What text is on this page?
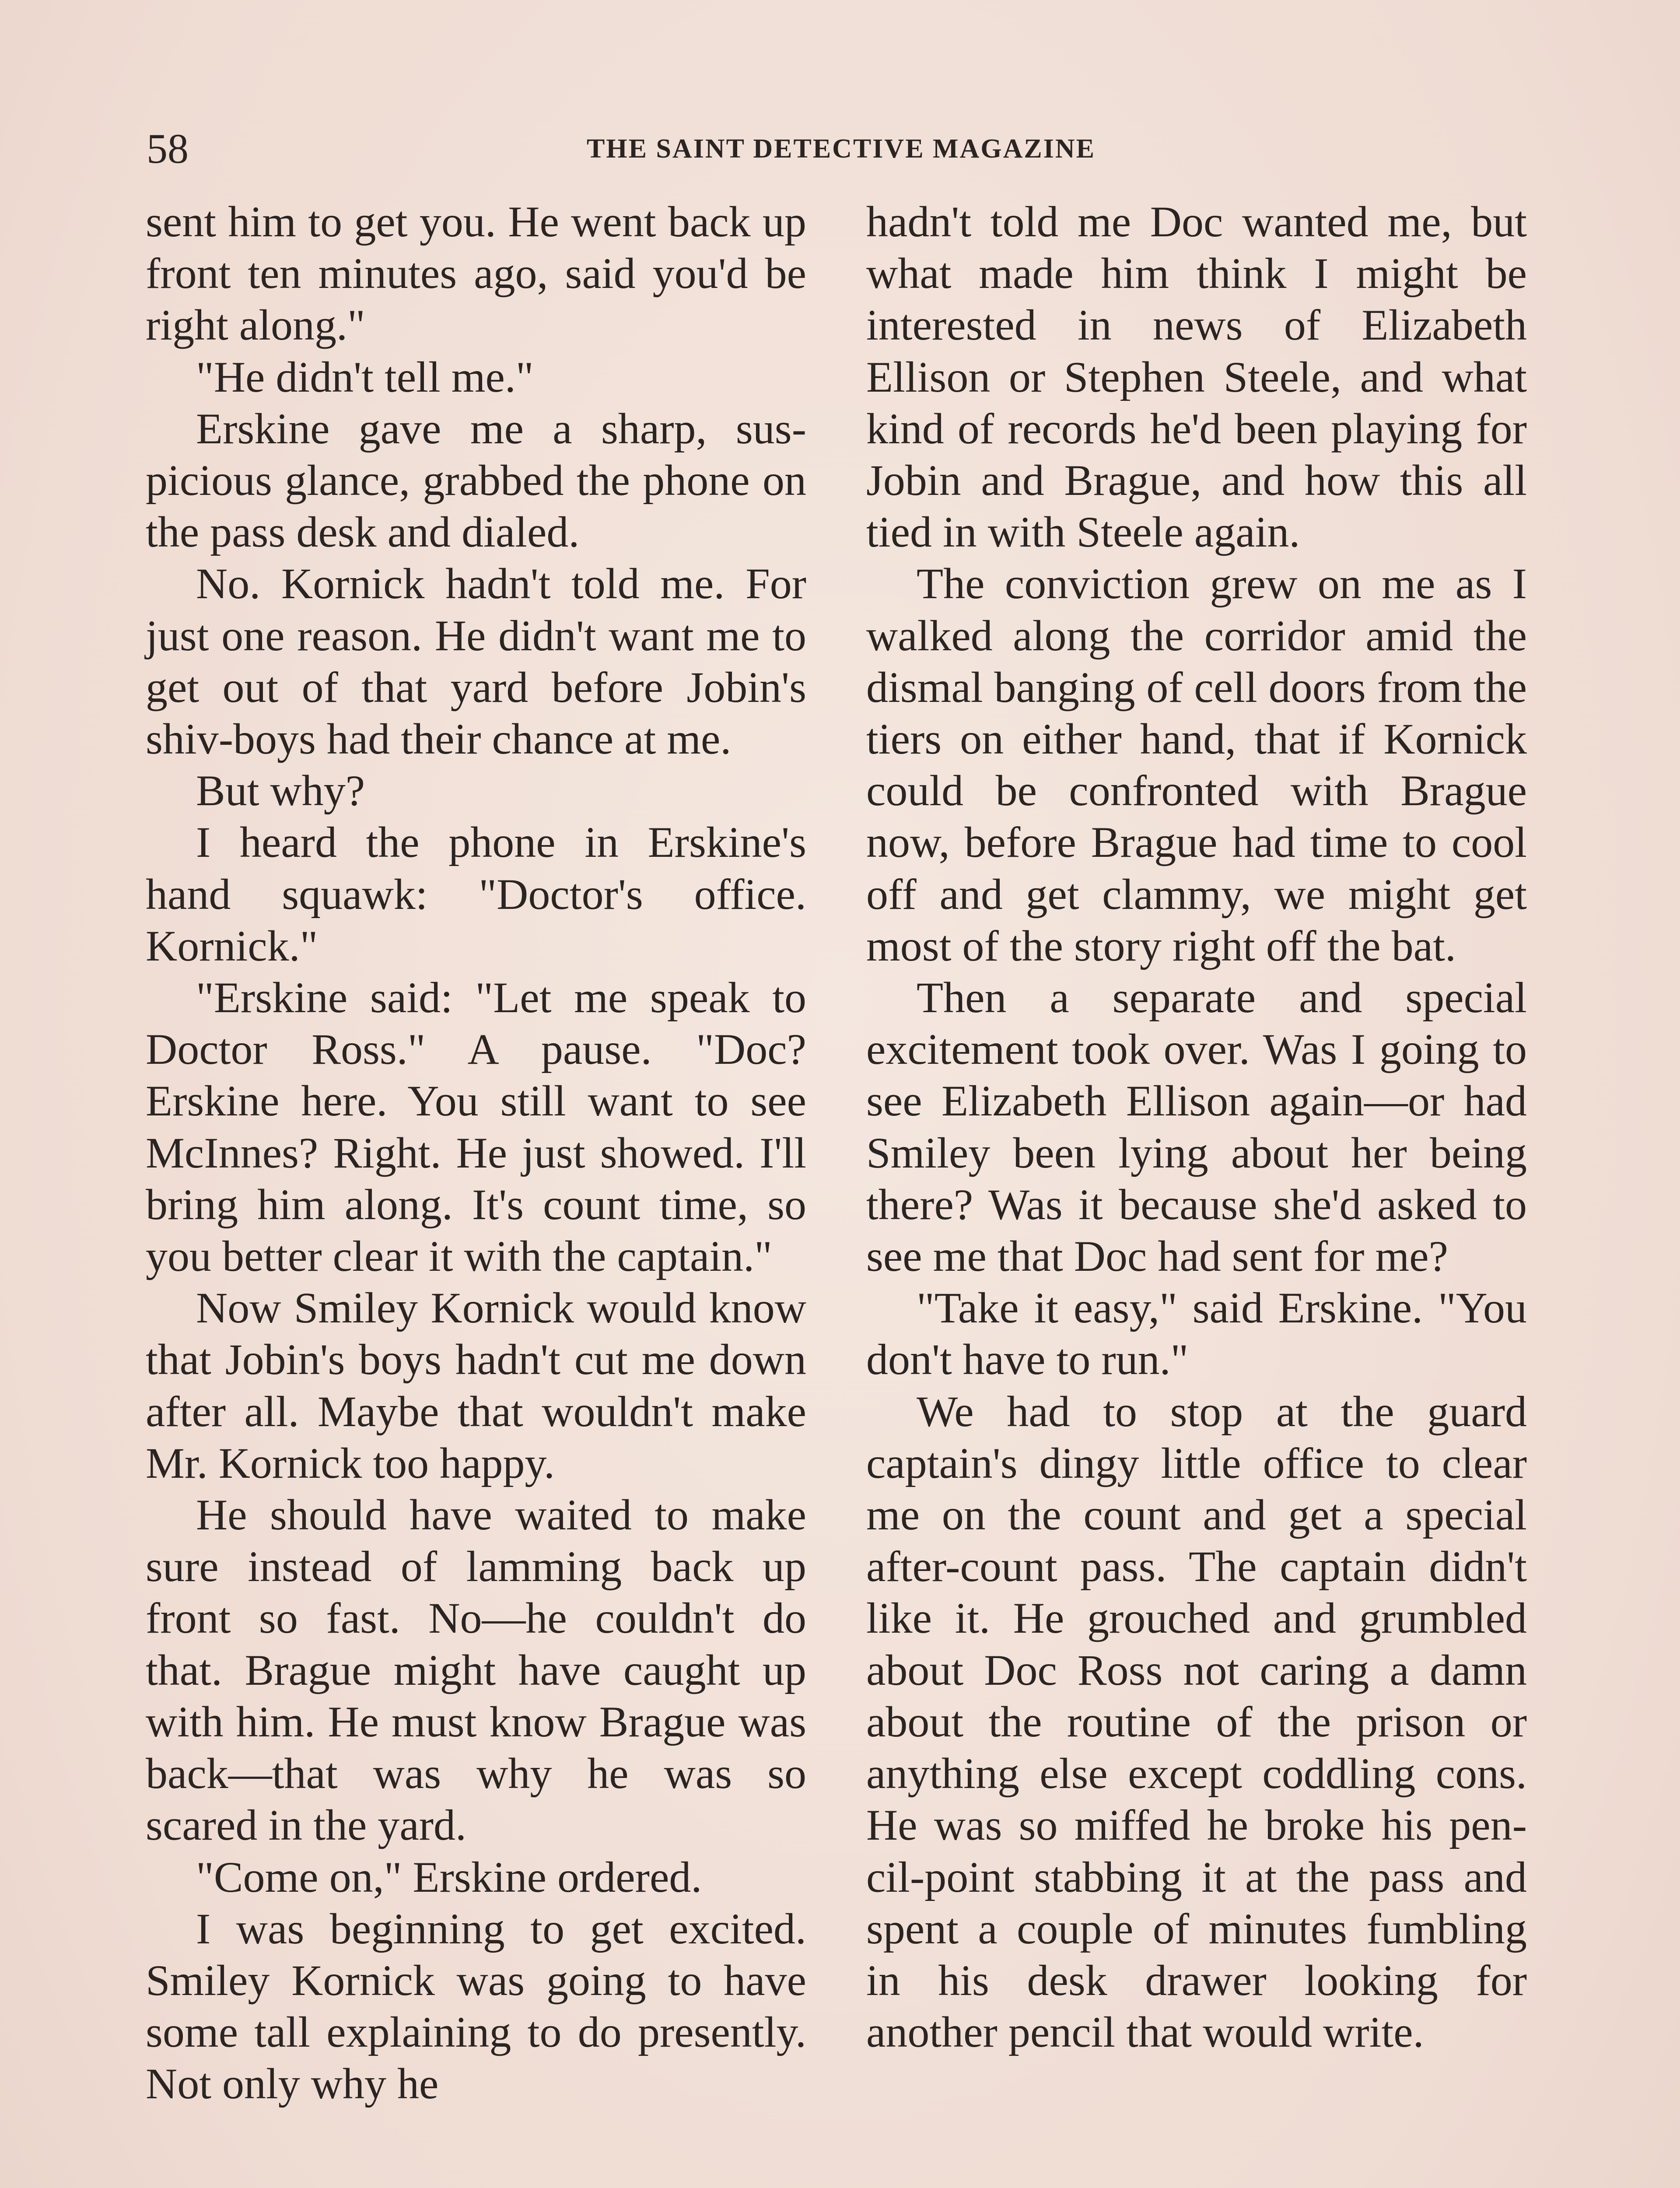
58	THE SAINT DETECTIVE MAGAZINE

sent him to get you. He went back up front ten minutes ago, said you'd be right along."

"He didn't tell me."

Erskine gave me a sharp, suspicious glance, grabbed the phone on the pass desk and dialed.

No. Kornick hadn't told me. For just one reason. He didn't want me to get out of that yard before Jobin's shiv-boys had their chance at me.

But why?

I heard the phone in Erskine's hand squawk: "Doctor's office. Kornick."

"Erskine said: "Let me speak to Doctor Ross." A pause. "Doc? Erskine here. You still want to see McInnes? Right. He just showed. I'll bring him along. It's count time, so you better clear it with the captain."

Now Smiley Kornick would know that Jobin's boys hadn't cut me down after all. Maybe that wouldn't make Mr. Kornick too happy.

He should have waited to make sure instead of lamming back up front so fast. No—he couldn't do that. Brague might have caught up with him. He must know Brague was back—that was why he was so scared in the yard.

"Come on," Erskine ordered.

I was beginning to get excited. Smiley Kornick was going to have some tall explaining to do presently. Not only why he

hadn't told me Doc wanted me, but what made him think I might be interested in news of Elizabeth Ellison or Stephen Steele, and what kind of records he'd been playing for Jobin and Brague, and how this all tied in with Steele again.

The conviction grew on me as I walked along the corridor amid the dismal banging of cell doors from the tiers on either hand, that if Kornick could be confronted with Brague now, before Brague had time to cool off and get clammy, we might get most of the story right off the bat.

Then a separate and special excitement took over. Was I going to see Elizabeth Ellison again—or had Smiley been lying about her being there? Was it because she'd asked to see me that Doc had sent for me?

"Take it easy," said Erskine. "You don't have to run."

We had to stop at the guard captain's dingy little office to clear me on the count and get a special after-count pass. The captain didn't like it. He grouched and grumbled about Doc Ross not caring a damn about the routine of the prison or anything else except coddling cons. He was so miffed he broke his pencil-point stabbing it at the pass and spent a couple of minutes fumbling in his desk drawer looking for another pencil that would write.
